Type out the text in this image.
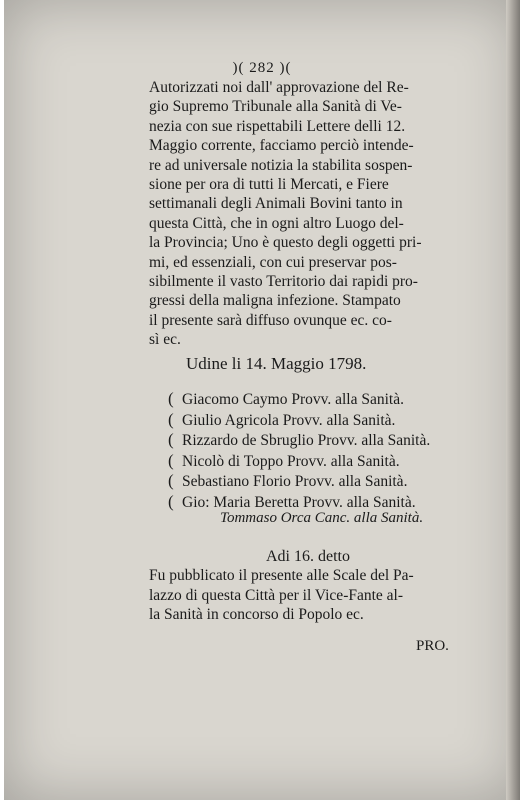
)( 282 )(
Autorizzati noi dall' approvazione del Re-
gio Supremo Tribunale alla Sanità di Ve-
nezia con sue rispettabili Lettere delli 12.
Maggio corrente, facciamo perciò intende-
re ad universale notizia la stabilita sospen-
sione per ora di tutti li Mercati, e Fiere
settimanali degli Animali Bovini tanto in
questa Città, che in ogni altro Luogo del-
la Provincia; Uno è questo degli oggetti pri-
mi, ed essenziali, con cui preservar pos-
sibilmente il vasto Territorio dai rapidi pro-
gressi della maligna infezione. Stampato
il presente sarà diffuso ovunque ec. co-
sì ec.
Udine li 14. Maggio 1798.
( Giacomo Caymo Provv. alla Sanità.
( Giulio Agricola Provv. alla Sanità.
( Rizzardo de Sbruglio Provv. alla Sanità.
( Nicolò di Toppo Provv. alla Sanità.
( Sebastiano Florio Provv. alla Sanità.
( Gio: Maria Beretta Provv. alla Sanità.
Tommaso Orca Canc. alla Sanità.
Adi 16. detto
Fu pubblicato il presente alle Scale del Pa-
lazzo di questa Città per il Vice-Fante al-
la Sanità in concorso di Popolo ec.
PRO.
